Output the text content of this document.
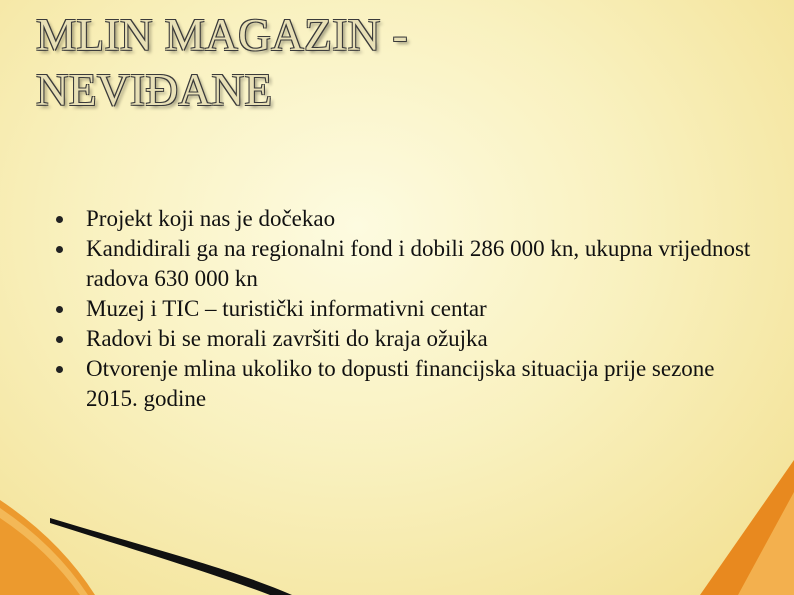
MLIN MAGAZIN -
NEVIĐANE
Projekt koji nas je dočekao
Kandidirali ga na regionalni fond i dobili 286 000 kn, ukupna vrijednost radova 630 000 kn
Muzej i TIC – turistički informativni centar
Radovi bi se morali završiti do kraja ožujka
Otvorenje mlina ukoliko to dopusti financijska situacija prije sezone 2015. godine
